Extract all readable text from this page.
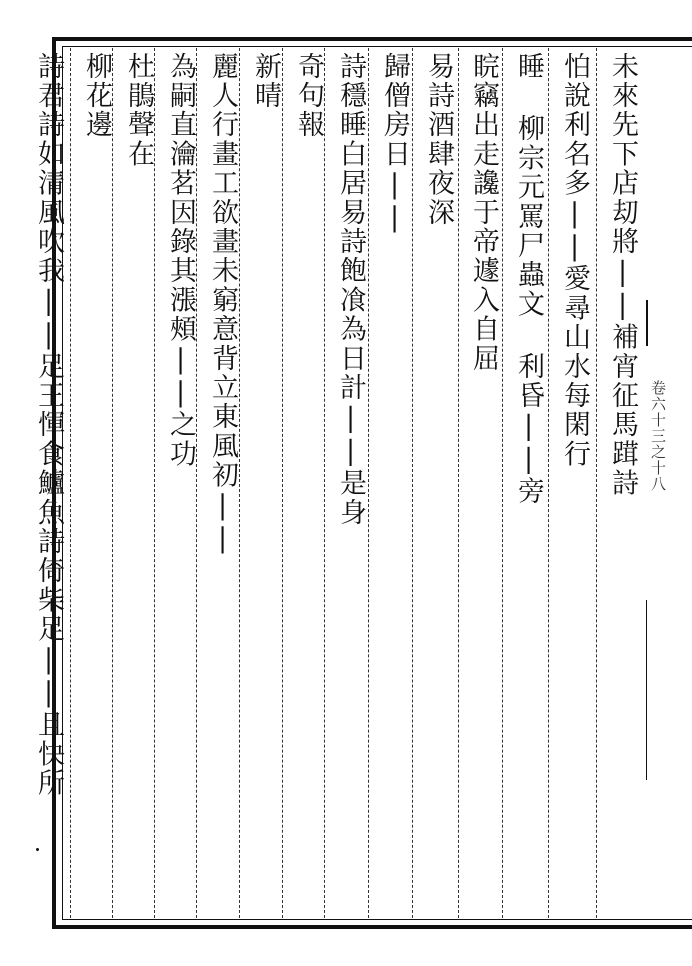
未來先下店刧將||補宵征馬䠜詩
怕說利名多||愛尋山水每閑行
睡 柳宗元罵尸蟲文 利昏||旁
睆竊出走讒于帝遽入自屈
易詩酒肆夜深
歸僧房日||
詩穩睡白居易詩飽飡為日計||是身
奇句報
新晴
麗人行畫工欲畫未窮意背立東風初||
為嗣直瀹茗因錄其漲頰||之功
杜鵑聲在
柳花邊
詩君詩如清風吹我||足王惲食鱸魚詩倚柴足||且快所	卷六十三之十八
